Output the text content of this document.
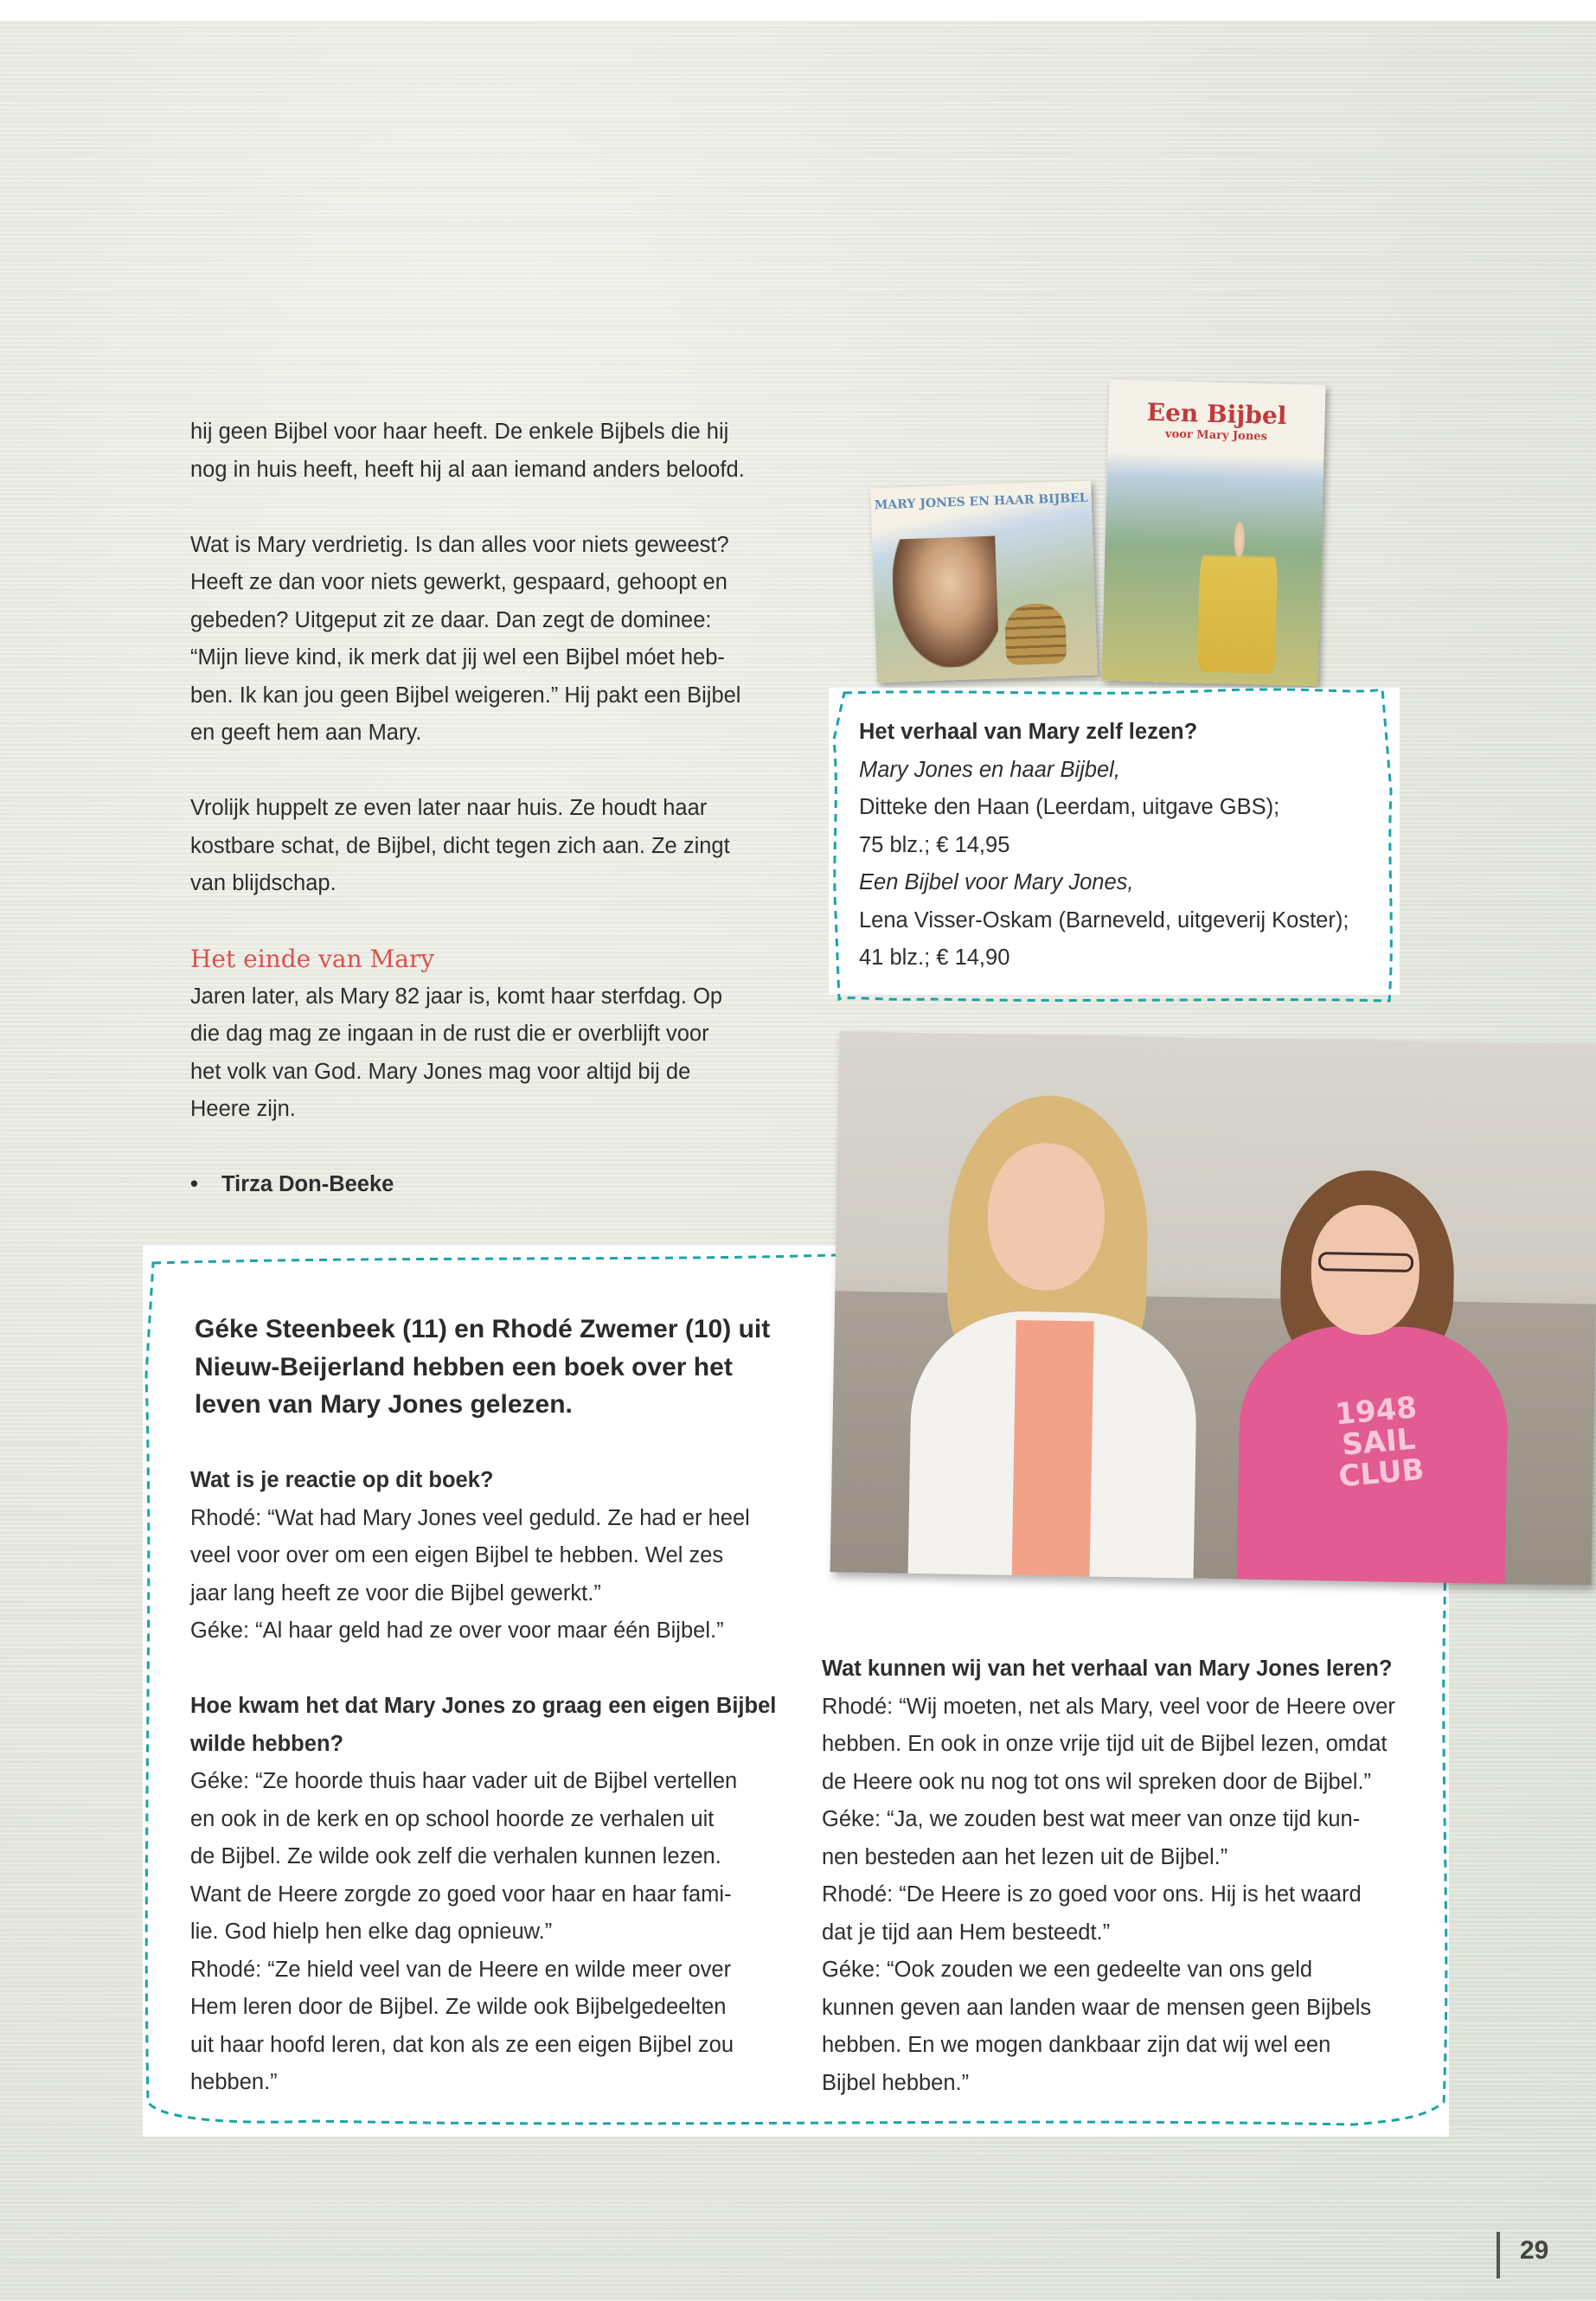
hij geen Bijbel voor haar heeft. De enkele Bijbels die hij

nog in huis heeft, heeft hij al aan iemand anders beloofd.

Wat is Mary verdrietig. Is dan alles voor niets geweest?

Heeft ze dan voor niets gewerkt, gespaard, gehoopt en

gebeden? Uitgeput zit ze daar. Dan zegt de dominee:

“Mijn lieve kind, ik merk dat jij wel een Bijbel móet heb-

ben. Ik kan jou geen Bijbel weigeren.” Hij pakt een Bijbel

en geeft hem aan Mary.

Vrolijk huppelt ze even later naar huis. Ze houdt haar

kostbare schat, de Bijbel, dicht tegen zich aan. Ze zingt

van blijdschap.

Het einde van Mary

Jaren later, als Mary 82 jaar is, komt haar sterfdag. Op

die dag mag ze ingaan in de rust die er overblijft voor

het volk van God. Mary Jones mag voor altijd bij de

Heere zijn.

• Tirza Don-Beeke

MARY JONES EN HAAR BIJBEL
Een Bijbel
voor Mary Jones
Het verhaal van Mary zelf lezen?
Mary Jones en haar Bijbel,
Ditteke den Haan (Leerdam, uitgave GBS);
75 blz.; € 14,95
Een Bijbel voor Mary Jones,
Lena Visser-Oskam (Barneveld, uitgeverij Koster);
41 blz.; € 14,90
Géke Steenbeek (11) en Rhodé Zwemer (10) uit
Nieuw-Beijerland hebben een boek over het
leven van Mary Jones gelezen.	1948 SAIL CLUB

Wat is je reactie op dit boek?

Rhodé: “Wat had Mary Jones veel geduld. Ze had er heel

veel voor over om een eigen Bijbel te hebben. Wel zes

jaar lang heeft ze voor die Bijbel gewerkt.”

Géke: “Al haar geld had ze over voor maar één Bijbel.”

Hoe kwam het dat Mary Jones zo graag een eigen Bijbel

wilde hebben?

Géke: “Ze hoorde thuis haar vader uit de Bijbel vertellen

en ook in de kerk en op school hoorde ze verhalen uit

de Bijbel. Ze wilde ook zelf die verhalen kunnen lezen.

Want de Heere zorgde zo goed voor haar en haar fami-

lie. God hielp hen elke dag opnieuw.”

Rhodé: “Ze hield veel van de Heere en wilde meer over

Hem leren door de Bijbel. Ze wilde ook Bijbelgedeelten

uit haar hoofd leren, dat kon als ze een eigen Bijbel zou

hebben.”

Wat kunnen wij van het verhaal van Mary Jones leren?

Rhodé: “Wij moeten, net als Mary, veel voor de Heere over

hebben. En ook in onze vrije tijd uit de Bijbel lezen, omdat

de Heere ook nu nog tot ons wil spreken door de Bijbel.”

Géke: “Ja, we zouden best wat meer van onze tijd kun-

nen besteden aan het lezen uit de Bijbel.”

Rhodé: “De Heere is zo goed voor ons. Hij is het waard

dat je tijd aan Hem besteedt.”

Géke: “Ook zouden we een gedeelte van ons geld

kunnen geven aan landen waar de mensen geen Bijbels

hebben. En we mogen dankbaar zijn dat wij wel een

Bijbel hebben.”

29
